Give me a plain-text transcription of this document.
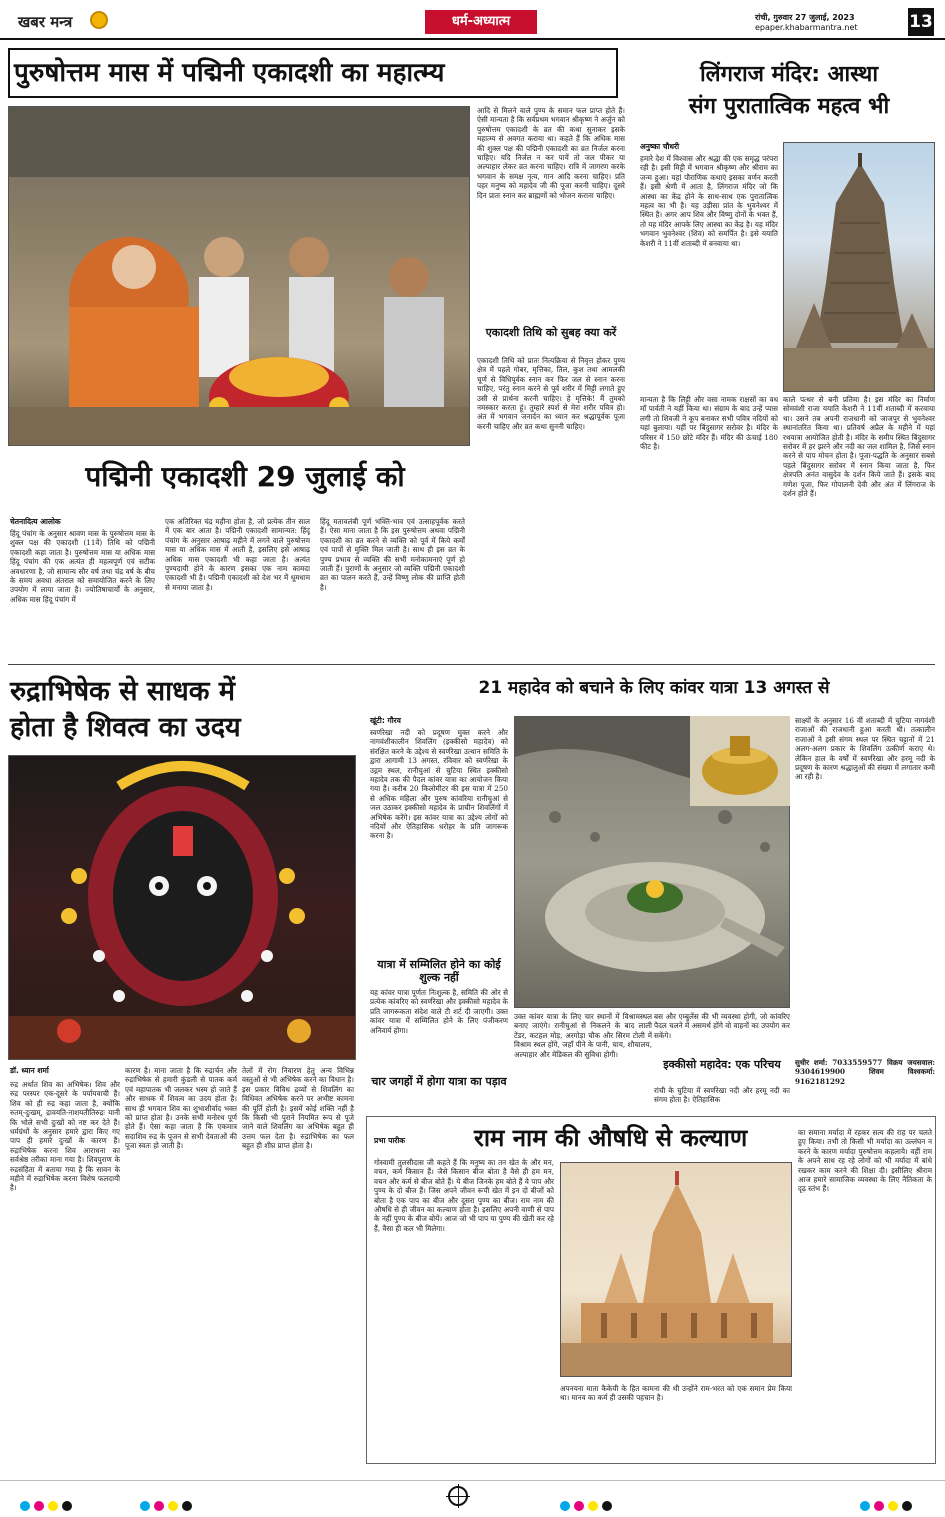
खबर मन्त्र	धर्म-अध्यात्म	रांची, गुरुवार 27 जुलाई, 2023
epaper.khabarmantra.net	13
पुरुषोत्तम मास में पद्मिनी एकादशी का महात्म्य
पद्मिनी एकादशी 29 जुलाई को
चेतनादित्य आलोक
हिंदू पंचांग के अनुसार श्रावण मास के पुरुषोत्तम मास के शुक्ल पक्ष की एकादशी (11वें) तिथि को पद्मिनी एकादशी कहा जाता है। पुरुषोत्तम मास या अधिक मास हिंदू पंचांग की एक अत्यंत ही महत्वपूर्ण एवं सटीक अवधारणा है, जो सामान्य सौर वर्ष तथा चंद्र वर्ष के बीच के समय अवधा अंतराल को समायोजित करने के लिए उपयोग में लाया जाता है। ज्योतिषाचार्यों के अनुसार, अधिक मास हिंदू पंचांग में
एक अतिरिक्त चंद्र महीना होता है, जो प्रत्येक तीन साल में एक बार आता है। पद्मिनी एकादशी सामान्यत: हिंदू पंचांग के अनुसार आषाढ़ महीने में लगने वाले पुरुषोत्तम मास या अधिक मास में आती है, इसलिए इसे आषाढ़ अधिक मास एकादशी भी कहा जाता है। अत्यंत पुण्यदायी होने के कारण इसका एक नाम कामदा एकादशी भी है। पद्मिनी एकादशी को देश भर में धूमधाम से मनाया जाता है।
हिंदू मतावलंबी पूर्ण भक्ति-भाव एवं उत्साहपूर्वक करते हैं। ऐसा माना जाता है कि इस पुरुषोत्तम अथवा पद्मिनी एकादशी का व्रत करने से व्यक्ति को पूर्व में किये कर्मों एवं पापों से मुक्ति मिल जाती है। साथ ही इस व्रत के पुण्य प्रभाव से व्यक्ति की सभी मनोकामनाएं पूर्ण हो जाती हैं। पुराणों के अनुसार जो व्यक्ति पद्मिनी एकादशी व्रत का पालन करते हैं, उन्हें विष्णु लोक की प्राप्ति होती है।
आदि से मिलने वाले पुण्य के समान फल प्राप्त होते हैं। ऐसी मान्यता है कि सर्वप्रथम भगवान श्रीकृष्ण ने अर्जुन को पुरुषोत्तम एकादशी के व्रत की कथा सुनाकर इसके महात्म्य से अवगत कराया था। कहते हैं कि अधिक मास की शुक्ल पक्ष की पद्मिनी एकादशी का व्रत निर्जल करना चाहिए। यदि निर्जल न कर पायें तो जल पीकर या अल्पाहार लेकर व्रत करना चाहिए। रात्रि में जागरण करके भगवान के समक्ष नृत्य, गान आदि करना चाहिए। प्रति पहर मनुष्य को महादेव जी की पूजा करनी चाहिए। दूसरे दिन प्रातः स्नान कर ब्राह्मणों को भोजन कराना चाहिए।
एकादशी तिथि को सुबह क्या करें
एकादशी तिथि को प्रातः नित्यक्रिया से निवृत्त होकर पुण्य क्षेत्र में पहले गोबर, मृत्तिका, तिल, कुश तथा आमलकी चूर्ण से विधिपूर्वक स्नान कर फिर जल से स्नान करना चाहिए, परंतु स्नान करने से पूर्व शरीर में मिट्टी लगाते हुए उसी से प्रार्थना करनी चाहिए। हे मृत्तिके! मैं तुमको नमस्कार करता हूं। तुम्हारे स्पर्श से मेरा शरीर पवित्र हो। अंत में भगवान जनार्दन का ध्यान कर श्रद्धापूर्वक पूजा करनी चाहिए और व्रत कथा सुननी चाहिए।
लिंगराज मंदिर: आस्था
संग पुरातात्विक महत्व भी
अनुष्का चौधरी
हमारे देश में विश्वास और श्रद्धा की एक समृद्ध परंपरा रही है। इसी मिट्टी में भगवान श्रीकृष्ण और श्रीराम का जन्म हुआ। यहां पौराणिक कथाएं इसका वर्णन करती हैं। इसी श्रेणी में आता है, लिंगराज मंदिर जो कि आस्था का केंद्र होने के साथ-साथ एक पुरातात्विक महत्व का भी है। यह उड़ीसा प्रांत के भुवनेश्वर में स्थित है। अगर आप शिव और विष्णु दोनों के भक्त हैं, तो यह मंदिर आपके लिए आस्था का केंद्र है। यह मंदिर भगवान भुवनेश्वर (शिव) को समर्पित है। इसे ययाति केशरी ने 11वीं शताब्दी में बनवाया था।
मान्यता है कि लिट्टी और वसा नामक राक्षसों का वध माँ पार्वती ने यहीं किया था। संग्राम के बाद उन्हें प्यास लगी तो शिवजी ने कूप बनाकर सभी पवित्र नदियों को यहां बुलाया। यहीं पर बिंदुसागर सरोवर है। मंदिर के परिसर में 150 छोटे मंदिर हैं। मंदिर की ऊंचाई 180 फीट है।
काले पत्थर से बनी प्रतिमा है। इस मंदिर का निर्माण सोमवंशी राजा ययाति केशरी ने 11वीं शताब्दी में करवाया था। उसने तब अपनी राजधानी को जाजपुर से भुवनेश्वर स्थानांतरित किया था। प्रतिवर्ष अप्रैल के महीने में यहां रथयात्रा आयोजित होती है। मंदिर के समीप स्थित बिंदुसागर सरोवर में हर झरने और नदी का जल शामिल है, जिसे स्नान करने से पाप मोचन होता है। पूजा-पद्धति के अनुसार सबसे पहले बिंदुसागर सरोवर में स्नान किया जाता है, फिर क्षेत्रपति अनंत वासुदेव के दर्शन किये जाते हैं। इसके बाद गणेश पूजा, फिर गोपालनी देवी और अंत में लिंगराज के दर्शन होते हैं।
रुद्राभिषेक से साधक में
होता है शिवत्व का उदय
डॉ. ध्यान शर्मा
रुद्र अर्थात शिव का अभिषेक। शिव और रुद्र परस्पर एक-दूसरे के पर्यायवाची हैं। शिव को ही रुद्र कहा जाता है, क्योंकि रुतम्-दुःखम्, द्रावयति-नाशयतीतिरुद्रः यानी कि भोले सभी दुःखों को नष्ट कर देते हैं। धर्मग्रंथों के अनुसार हमारे द्वारा किए गए पाप ही हमारे दुःखों के कारण हैं। रुद्राभिषेक करना शिव आराधना का सर्वश्रेष्ठ तरीका माना गया है। शिवपुराण के रुद्रसंहिता में बताया गया है कि सावन के महीने में रुद्राभिषेक करना विशेष फलदायी है।
कारण है। माना जाता है कि रुद्रार्चन और रुद्राभिषेक से हमारी कुंडली से पातक कर्म एवं महापातक भी जलकर भस्म हो जाते हैं और साधक में शिवत्व का उदय होता है। साथ ही भगवान शिव का शुभाशीर्वाद भक्त को प्राप्त होता है। उनके सभी मनोरथ पूर्ण होते हैं। ऐसा कहा जाता है कि एकमात्र सदाशिव रुद्र के पूजन से सभी देवताओं की पूजा स्वतः हो जाती है।
तेलों में रोग निवारण हेतु अन्य विभिन्न वस्तुओं से भी अभिषेक करने का विधान है। इस प्रकार विविध द्रव्यों से शिवलिंग का विधिवत अभिषेक करने पर अभीष्ट कामना की पूर्ति होती है। इसमें कोई शक्ति नहीं है कि किसी भी पुराने नियमित रूप से पूजे जाने वाले शिवलिंग का अभिषेक बहुत ही उत्तम फल देता है। रुद्राभिषेक का फल बहुत ही शीघ्र प्राप्त होता है।
21 महादेव को बचाने के लिए कांवर यात्रा 13 अगस्त से
खूंटी: गौरव
स्वर्णरेखा नदी को प्रदूषण मुक्त करने और नागवंशीकालीन शिवलिंग (इक्कीसो महादेव) को संरक्षित करने के उद्देश्य से स्वर्णरेखा उत्थान समिति के द्वारा आगामी 13 अगस्त, रविवार को स्वर्णरेखा के उद्गम स्थल, रानीचुआं से चुटिया स्थित इक्कीसो महादेव तक की पैदल कांवर यात्रा का आयोजन किया गया है। करीब 20 किलोमीटर की इस यात्रा में 250 से अधिक महिला और पुरुष कांवरिया रानीचुआं से जल उठाकर इक्कीसो महादेव के प्राचीन शिवलिंगों में अभिषेक करेंगे। इस कांवर यात्रा का उद्देश्य लोगों को नदियों और ऐतिहासिक धरोहर के प्रति जागरूक करना है।
यात्रा में सम्मिलित होने का कोई शुल्क नहीं
यह कांवर यात्रा पूर्णतः निःशुल्क है, समिति की ओर से प्रत्येक कांवरिए को स्वर्णरेखा और इक्कीसो महादेव के प्रति जागरूकता संदेश वाले टी शर्ट दी जाएगी। उक्त कांवर यात्रा में सम्मिलित होने के लिए पंजीकरण अनिवार्य होगा।
चार जगहों में होगा यात्रा का पड़ाव
उक्त कांवर यात्रा के लिए चार स्थानों में विश्रामस्थल बनाए जाएंगे। रानीचुआं से निकलने के बाद लाली टेंडर, कटहल मोड़, अरगोड़ा चौक और सिरम टोली में विश्राम स्थल होंगे, जहाँ पीने के पानी, चाय, शौचालय, अल्पाहार और मेडिकल की सुविधा होगी।
बस और एम्बुलेंस की भी व्यवस्था होगी, जो कांवरिए पैदल चलने में असमर्थ होंगे वो वाहनों का उपयोग कर सकेंगे।
इक्कीसो महादेव: एक परिचय
रांची के चुटिया में स्वर्णरेखा नदी और हरमू नदी का संगम होता है। ऐतिहासिक
साक्ष्यों के अनुसार 16 वीं शताब्दी में चुटिया नागवंशी राजाओं की राजधानी हुआ करती थी। तत्कालीन राजाओं ने इसी संगम स्थल पर स्थित चट्टानों में 21 अलग-अलग प्रकार के शिवलिंग उत्कीर्ण कराए थे। लेकिन हाल के वर्षों में स्वर्णरेखा और हरमू नदी के प्रदूषण के कारण श्रद्धालुओं की संख्या में लगातार कमी आ रही है।
सुधीर शर्मा: 7033559577 विक्रय जयसवाल: 9304619900 शिवम विश्वकर्मा: 9162181292
प्रभा पारीक	राम नाम की औषधि से कल्याण
गोस्वामी तुलसीदास जी कहते हैं कि मनुष्य का तन खेत के और मन, वचन, कर्म किसान हैं। जैसे किसान बीज बोता है वैसे ही हम मन, वचन और कर्म से बीज बोते हैं। ये बीज जिनके हम बोते हैं वे पाप और पुण्य के दो बीज हैं। जिस अपने जीवन रूपी खेत में इन दो बीजों को बोता है एक पाप का बीज और दूसरा पुण्य का बीज। राम नाम की औषधि से ही जीवन का कल्याण होता है। इसलिए अपनी वाणी से पाप के नहीं पुण्य के बीज बोयें। आज जो भी पाप या पुण्य की खेती कर रहे हैं, वैसा ही कल भी मिलेगा।
अपनयना माता कैकेयी के हित कामना की थी उन्होंने राम-भरत को एक समान प्रेम किया था। मानव का कर्म ही उसकी पहचान है।
का समाना मर्यादा में रहकर सत्य की राह पर चलते हुए किया। तभी तो किसी भी मर्यादा का उल्लंघन न करने के कारण मर्यादा पुरुषोत्तम कहलाये। वहीं राम के अपने साथ रह रहे लोगों को भी मर्यादा में बांधे रखकर काम करने की शिक्षा दी। इसीलिए श्रीराम आज हमारे सामाजिक व्यवस्था के लिए नैतिकता के दृढ़ स्तंभ हैं।
